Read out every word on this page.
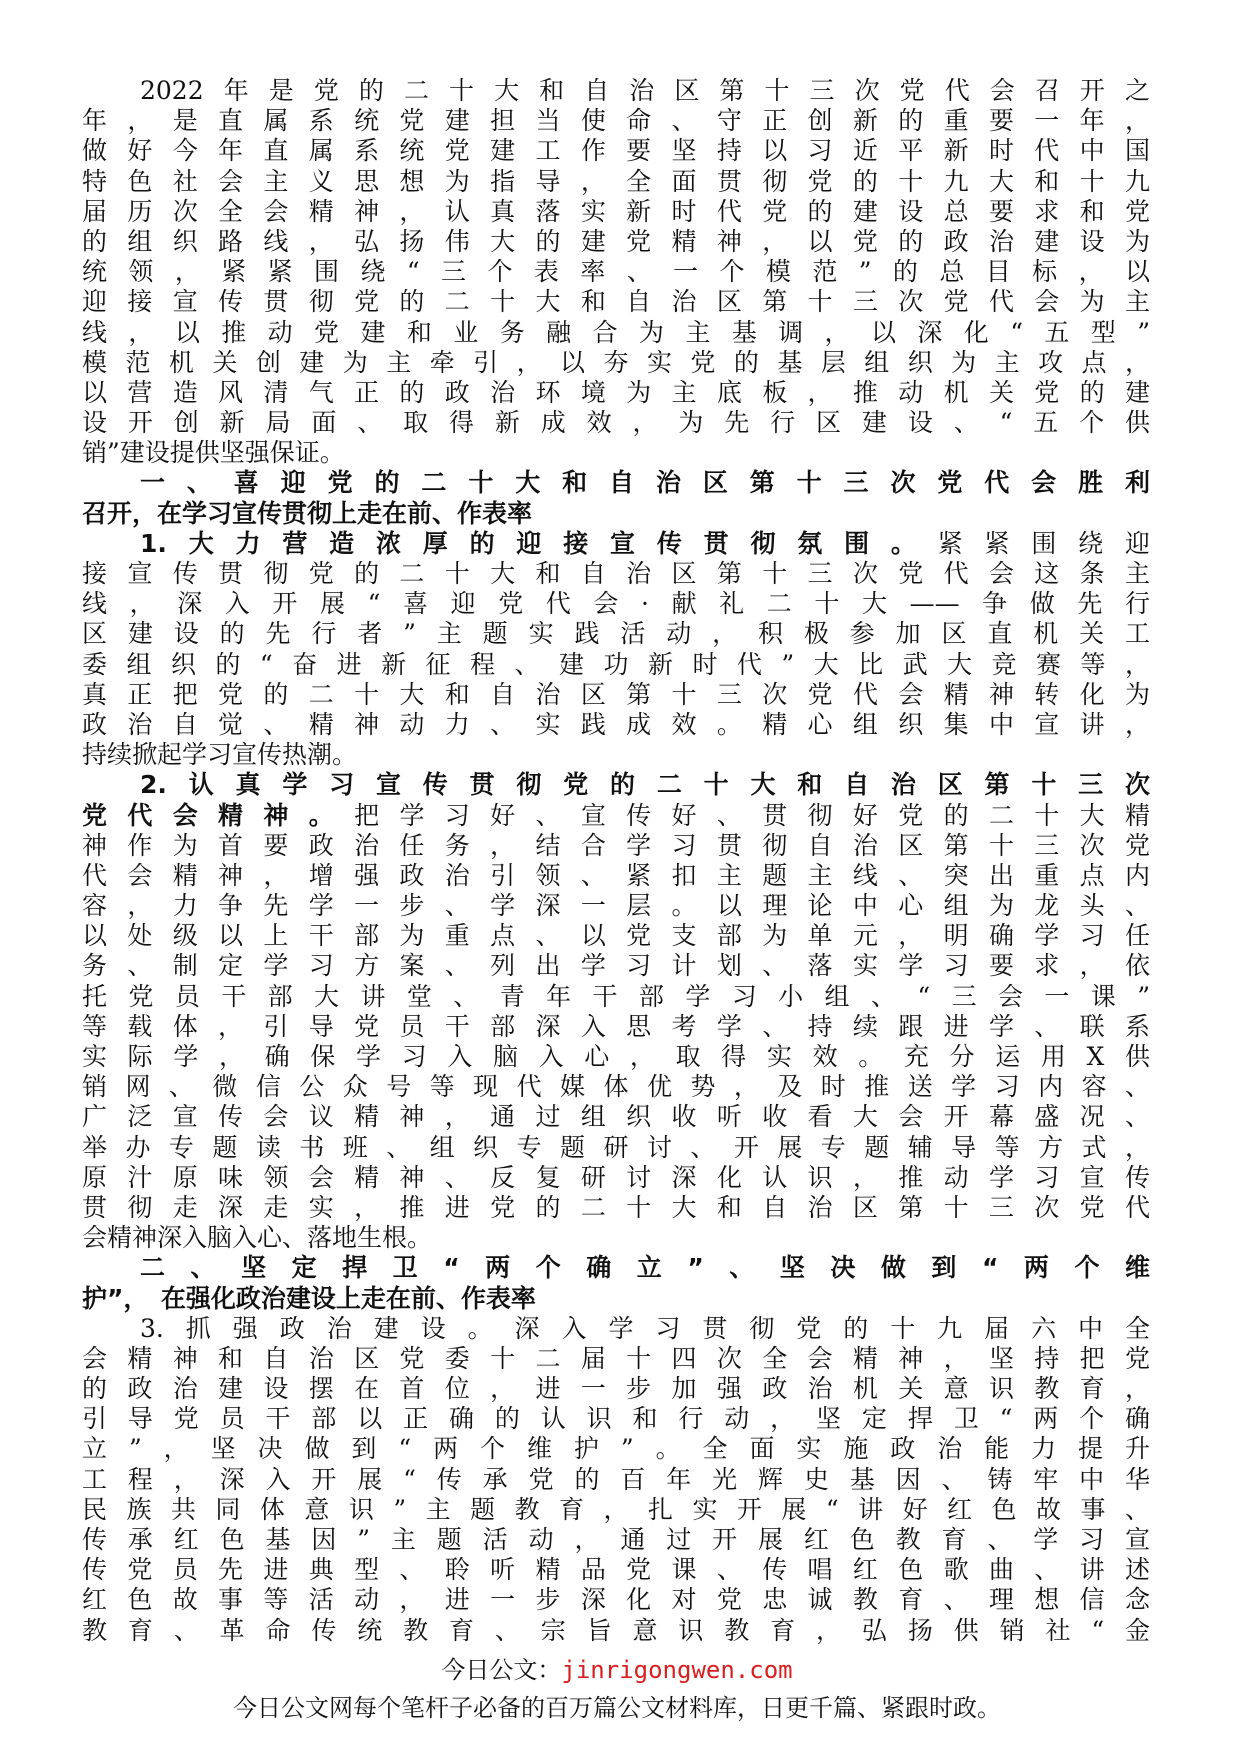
2022年是党的二十大和自治区第十三次党代会召开之
年，是直属系统党建担当使命、守正创新的重要一年，
做好今年直属系统党建工作要坚持以习近平新时代中国
特色社会主义思想为指导，全面贯彻党的十九大和十九
届历次全会精神，认真落实新时代党的建设总要求和党
的组织路线，弘扬伟大的建党精神，以党的政治建设为
统领，紧紧围绕“三个表率、一个模范”的总目标，以
迎接宣传贯彻党的二十大和自治区第十三次党代会为主
线，以推动党建和业务融合为主基调，以深化“五型”
模范机关创建为主牵引，以夯实党的基层组织为主攻点，
以营造风清气正的政治环境为主底板，推动机关党的建
设开创新局面、取得新成效，为先行区建设、“五个供
销”建设提供坚强保证。
一、喜迎党的二十大和自治区第十三次党代会胜利
召开，在学习宣传贯彻上走在前、作表率
1.大力营造浓厚的迎接宣传贯彻氛围。紧紧围绕迎
接宣传贯彻党的二十大和自治区第十三次党代会这条主
线，深入开展“喜迎党代会·献礼二十大——争做先行
区建设的先行者”主题实践活动，积极参加区直机关工
委组织的“奋进新征程、建功新时代”大比武大竞赛等，
真正把党的二十大和自治区第十三次党代会精神转化为
政治自觉、精神动力、实践成效。精心组织集中宣讲，
持续掀起学习宣传热潮。
2.认真学习宣传贯彻党的二十大和自治区第十三次
党代会精神。把学习好、宣传好、贯彻好党的二十大精
神作为首要政治任务，结合学习贯彻自治区第十三次党
代会精神，增强政治引领、紧扣主题主线、突出重点内
容，力争先学一步、学深一层。以理论中心组为龙头、
以处级以上干部为重点、以党支部为单元，明确学习任
务、制定学习方案、列出学习计划、落实学习要求，依
托党员干部大讲堂、青年干部学习小组、“三会一课”
等载体，引导党员干部深入思考学、持续跟进学、联系
实际学，确保学习入脑入心，取得实效。充分运用X供
销网、微信公众号等现代媒体优势，及时推送学习内容、
广泛宣传会议精神，通过组织收听收看大会开幕盛况、
举办专题读书班、组织专题研讨、开展专题辅导等方式，
原汁原味领会精神、反复研讨深化认识，推动学习宣传
贯彻走深走实，推进党的二十大和自治区第十三次党代
会精神深入脑入心、落地生根。
二、坚定捍卫“两个确立”、坚决做到“两个维
护”，　在强化政治建设上走在前、作表率
3.抓强政治建设。深入学习贯彻党的十九届六中全
会精神和自治区党委十二届十四次全会精神，坚持把党
的政治建设摆在首位，进一步加强政治机关意识教育，
引导党员干部以正确的认识和行动，坚定捍卫“两个确
立”，坚决做到“两个维护”。全面实施政治能力提升
工程，深入开展“传承党的百年光辉史基因、铸牢中华
民族共同体意识”主题教育，扎实开展“讲好红色故事、
传承红色基因”主题活动，通过开展红色教育、学习宣
传党员先进典型、聆听精品党课、传唱红色歌曲、讲述
红色故事等活动，进一步深化对党忠诚教育、理想信念
教育、革命传统教育、宗旨意识教育，弘扬供销社“金
今日公文：jinrigongwen.com
今日公文网每个笔杆子必备的百万篇公文材料库，日更千篇、紧跟时政。
